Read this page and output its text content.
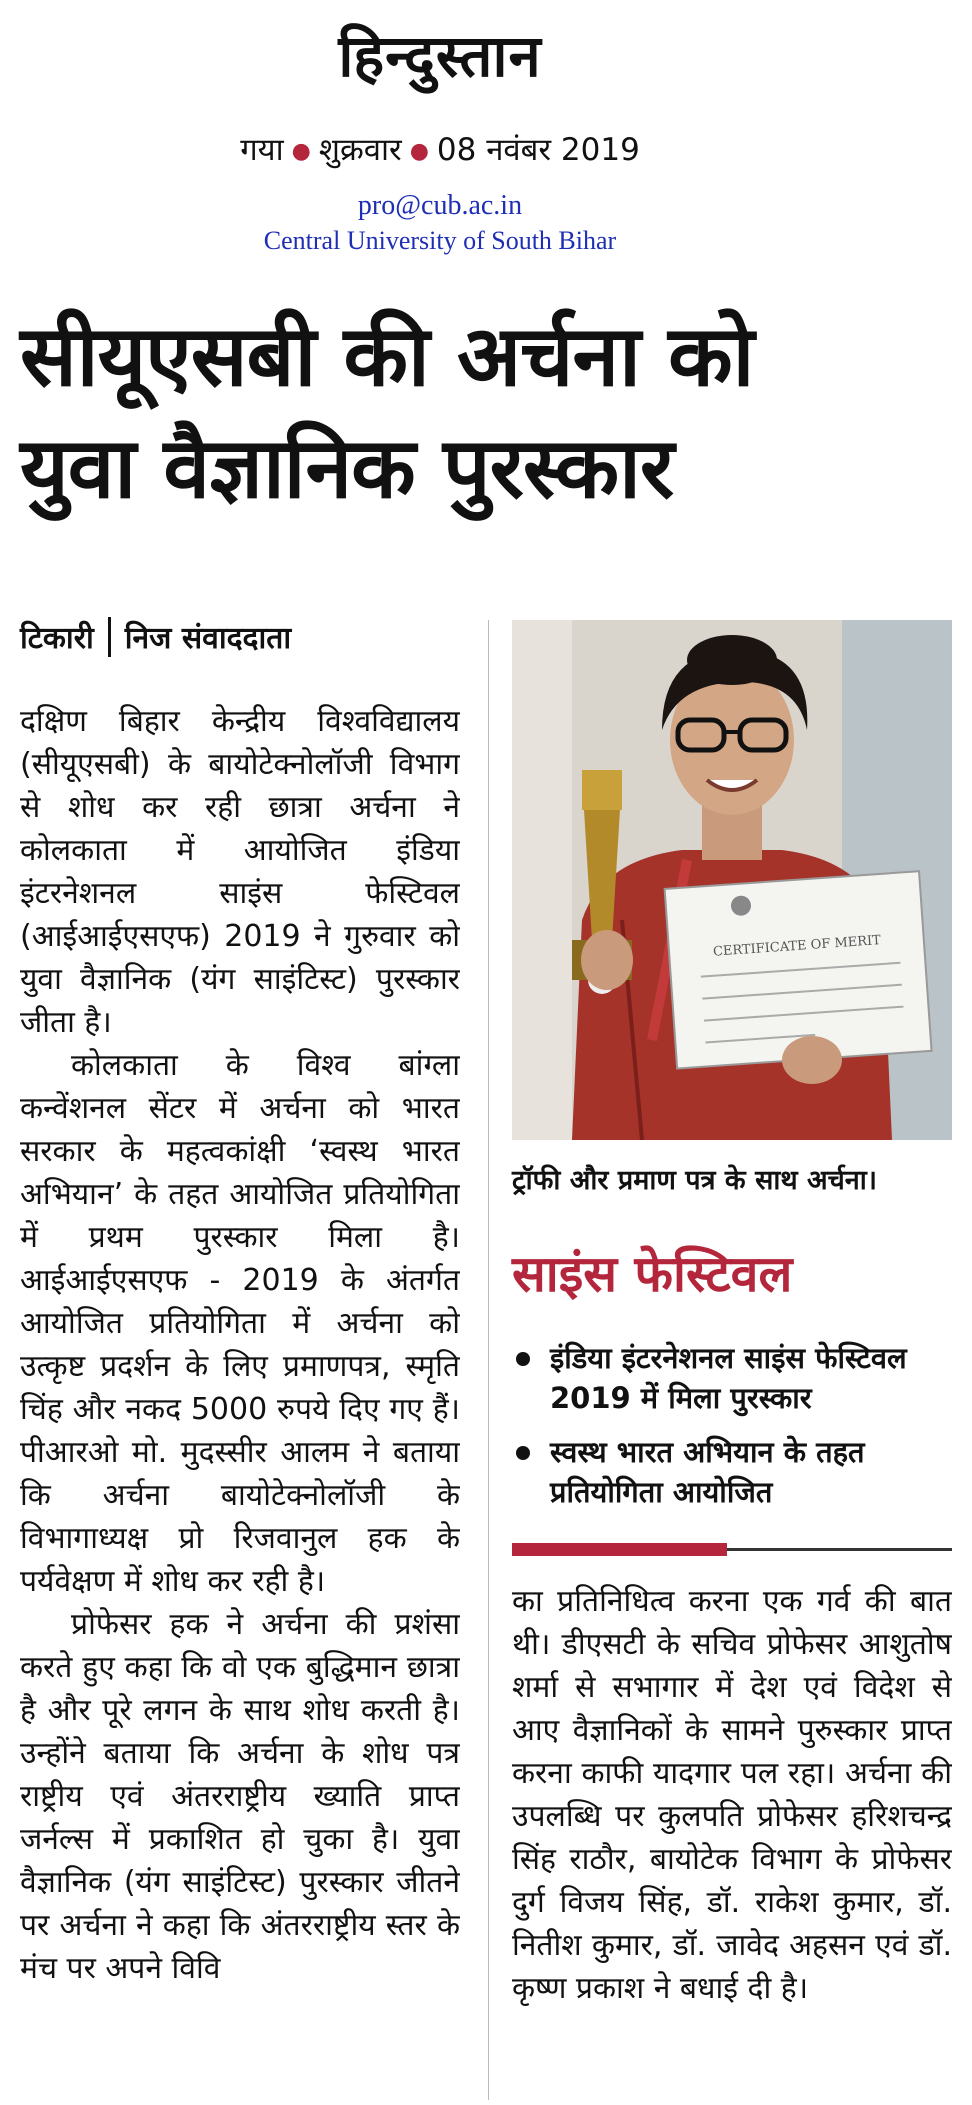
हिन्दुस्तान
गया ● शुक्रवार ● 08 नवंबर 2019
pro@cub.ac.in
Central University of South Bihar
सीयूएसबी की अर्चना को
युवा वैज्ञानिक पुरस्कार
टिकारी निज संवाददाता

दक्षिण बिहार केन्द्रीय विश्वविद्यालय (सीयूएसबी) के बायोटेक्नोलॉजी विभाग से शोध कर रही छात्रा अर्चना ने कोलकाता में आयोजित इंडिया इंटरनेशनल साइंस फेस्टिवल (आईआईएसएफ) 2019 ने गुरुवार को युवा वैज्ञानिक (यंग साइंटिस्ट) पुरस्कार जीता है।

कोलकाता के विश्व बांग्ला कन्वेंशनल सेंटर में अर्चना को भारत सरकार के महत्वकांक्षी ‘स्वस्थ भारत अभियान’ के तहत आयोजित प्रतियोगिता में प्रथम पुरस्कार मिला है। आईआईएसएफ - 2019 के अंतर्गत आयोजित प्रतियोगिता में अर्चना को उत्कृष्ट प्रदर्शन के लिए प्रमाणपत्र, स्मृति चिंह और नकद 5000 रुपये दिए गए हैं। पीआरओ मो. मुदस्सीर आलम ने बताया कि अर्चना बायोटेक्नोलॉजी के विभागाध्यक्ष प्रो रिजवानुल हक के पर्यवेक्षण में शोध कर रही है।

प्रोफेसर हक ने अर्चना की प्रशंसा करते हुए कहा कि वो एक बुद्धिमान छात्रा है और पूरे लगन के साथ शोध करती है। उन्होंने बताया कि अर्चना के शोध पत्र राष्ट्रीय एवं अंतरराष्ट्रीय ख्याति प्राप्त जर्नल्स में प्रकाशित हो चुका है। युवा वैज्ञानिक (यंग साइंटिस्ट) पुरस्कार जीतने पर अर्चना ने कहा कि अंतरराष्ट्रीय स्तर के मंच पर अपने विवि

CERTIFICATE OF MERIT
ट्रॉफी और प्रमाण पत्र के साथ अर्चना।
साइंस फेस्टिवल
इंडिया इंटरनेशनल साइंस फेस्टिवल 2019 में मिला पुरस्कार
स्वस्थ भारत अभियान के तहत प्रतियोगिता आयोजित

का प्रतिनिधित्व करना एक गर्व की बात थी। डीएसटी के सचिव प्रोफेसर आशुतोष शर्मा से सभागार में देश एवं विदेश से आए वैज्ञानिकों के सामने पुरुस्कार प्राप्त करना काफी यादगार पल रहा। अर्चना की उपलब्धि पर कुलपति प्रोफेसर हरिशचन्द्र सिंह राठौर, बायोटेक विभाग के प्रोफेसर दुर्ग विजय सिंह, डॉ. राकेश कुमार, डॉ. नितीश कुमार, डॉ. जावेद अहसन एवं डॉ. कृष्ण प्रकाश ने बधाई दी है।
